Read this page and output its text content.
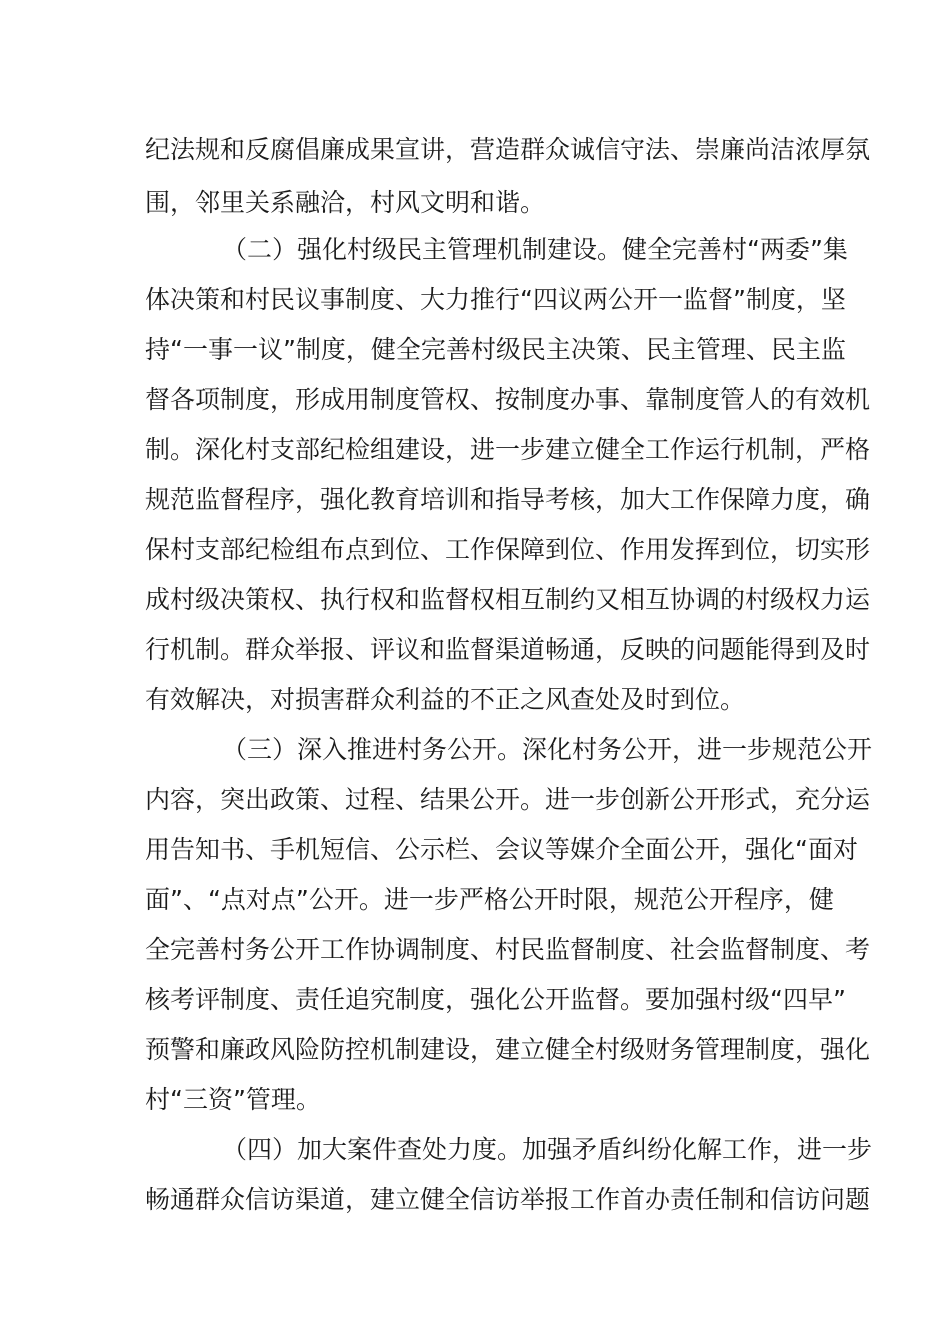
纪法规和反腐倡廉成果宣讲，营造群众诚信守法、崇廉尚洁浓厚氛
围，邻里关系融洽，村风文明和谐。
（二）强化村级民主管理机制建设。健全完善村“两委”集
体决策和村民议事制度、大力推行“四议两公开一监督”制度，坚
持“一事一议”制度，健全完善村级民主决策、民主管理、民主监
督各项制度，形成用制度管权、按制度办事、靠制度管人的有效机
制。深化村支部纪检组建设，进一步建立健全工作运行机制，严格
规范监督程序，强化教育培训和指导考核，加大工作保障力度，确
保村支部纪检组布点到位、工作保障到位、作用发挥到位，切实形
成村级决策权、执行权和监督权相互制约又相互协调的村级权力运
行机制。群众举报、评议和监督渠道畅通，反映的问题能得到及时
有效解决，对损害群众利益的不正之风查处及时到位。
（三）深入推进村务公开。深化村务公开，进一步规范公开
内容，突出政策、过程、结果公开。进一步创新公开形式，充分运
用告知书、手机短信、公示栏、会议等媒介全面公开，强化“面对
面”、“点对点”公开。进一步严格公开时限，规范公开程序，健
全完善村务公开工作协调制度、村民监督制度、社会监督制度、考
核考评制度、责任追究制度，强化公开监督。要加强村级“四早”
预警和廉政风险防控机制建设，建立健全村级财务管理制度，强化
村“三资”管理。
（四）加大案件查处力度。加强矛盾纠纷化解工作，进一步
畅通群众信访渠道，建立健全信访举报工作首办责任制和信访问题
